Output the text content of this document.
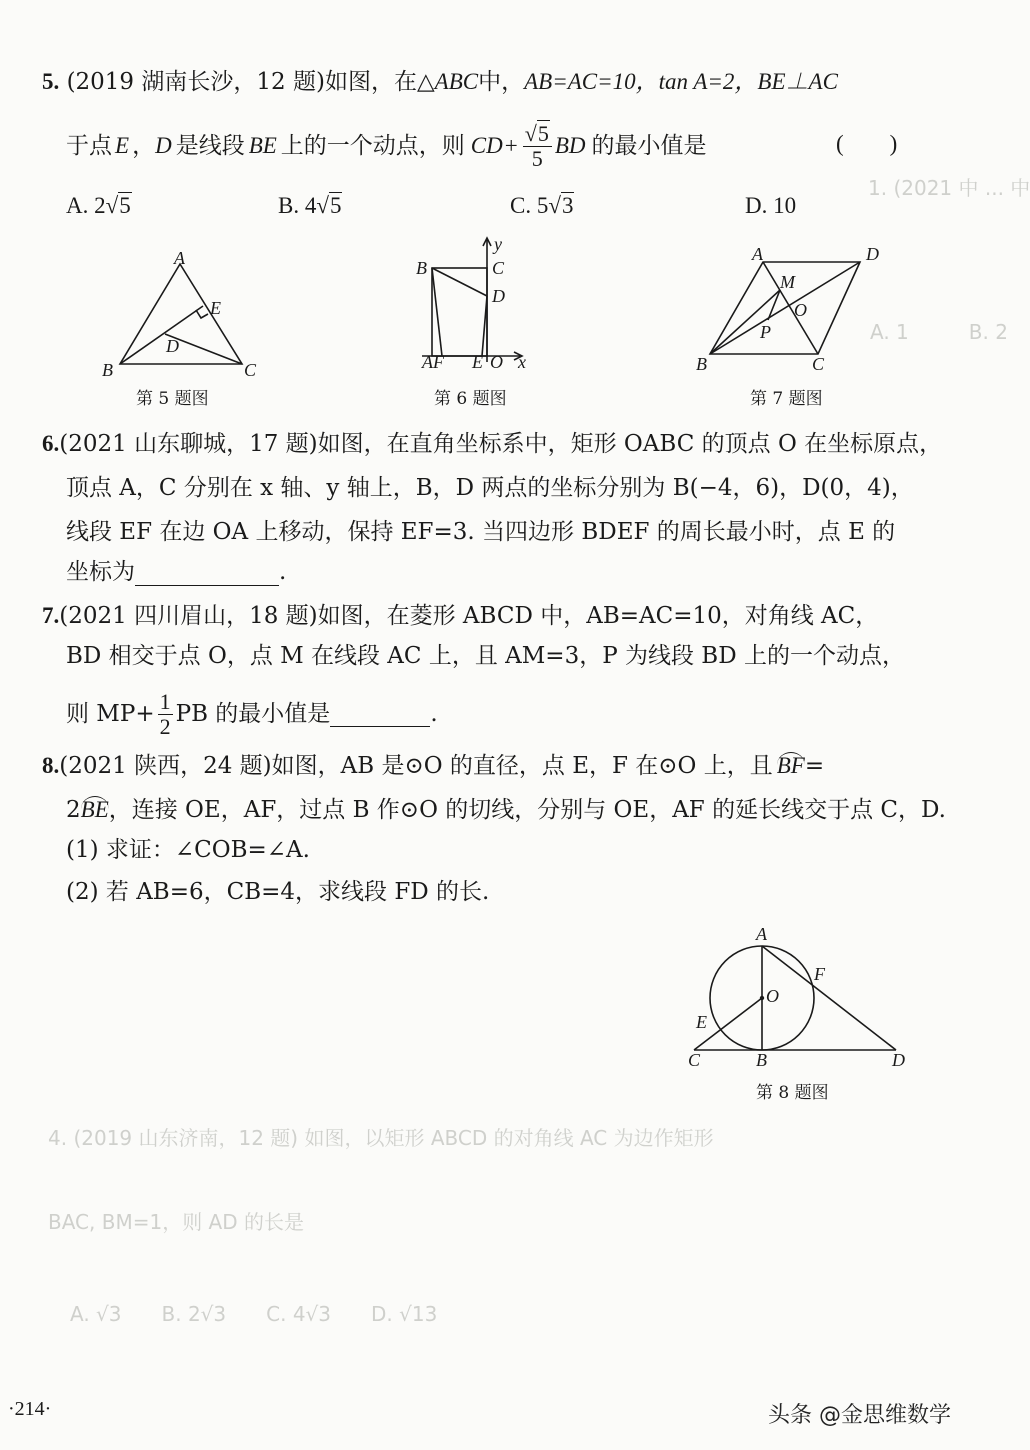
1. (2021 中 ... 中
A. 1　　　B. 2
4. (2019 山东济南，12 题) 如图，以矩形 ABCD 的对角线 AC 为边作矩形
BAC, BM=1，则 AD 的长是
A. √3　　B. 2√3　　C. 4√3　　D. √13
5. (2019 湖南长沙，12 题)如图，在△ABC中，AB=AC=10，tan A=2，BE⊥AC
于点 E ， D 是线段 BE 上的一个动点，则 CD + $\frac{√5}{5}$ BD 的最小值是	(　　)
A. 2√5	B. 4√5	C. 5√3	D. 10
A
E
D
B	C
第 5 题图
y
B	C
D
AF E O x
第 6 题图
A	D
M
O
P
B	C
第 7 题图
6.(2021 山东聊城，17 题)如图，在直角坐标系中，矩形 OABC 的顶点 O 在坐标原点，
顶点 A，C 分别在 x 轴、y 轴上，B，D 两点的坐标分别为 B(−4，6)，D(0，4)，
线段 EF 在边 OA 上移动，保持 EF=3. 当四边形 BDEF 的周长最小时，点 E 的
坐标为	.
7.(2021 四川眉山，18 题)如图，在菱形 ABCD 中，AB=AC=10，对角线 AC，
BD 相交于点 O，点 M 在线段 AC 上，且 AM=3，P 为线段 BD 上的一个动点，
则 $MP+ \frac{1}{2}$ PB 的最小值是	.
8.(2021 陕西，24 题)如图，AB 是⊙O 的直径，点 E，F 在⊙O 上，且 BF=
2BE，连接 OE，AF，过点 B 作⊙O 的切线，分别与 OE，AF 的延长线交于点 C，D.
(1) 求证：∠COB=∠A.
(2) 若 AB=6，CB=4，求线段 FD 的长.
A
F
O
E
C	B	D
第 8 题图
·214·	头条 @金思维数学
